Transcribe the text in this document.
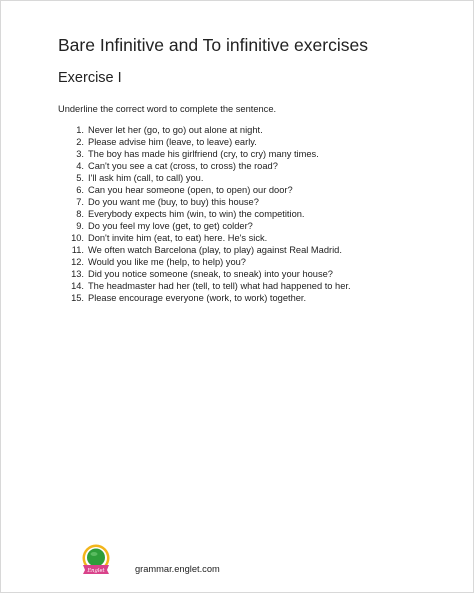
Bare Infinitive and To infinitive exercises
Exercise I
Underline the correct word to complete the sentence.
1. Never let her (go, to go) out alone at night.
2. Please advise him (leave, to leave) early.
3. The boy has made his girlfriend (cry, to cry) many times.
4. Can't you see a cat (cross, to cross) the road?
5. I'll ask him (call, to call) you.
6. Can you hear someone (open, to open) our door?
7. Do you want me (buy, to buy) this house?
8. Everybody expects him (win, to win) the competition.
9. Do you feel my love (get, to get) colder?
10. Don't invite him (eat, to eat) here. He's sick.
11. We often watch Barcelona (play, to play) against Real Madrid.
12. Would you like me (help, to help) you?
13. Did you notice someone (sneak, to sneak) into your house?
14. The headmaster had her (tell, to tell) what had happened to her.
15. Please encourage everyone (work, to work) together.
Englet	grammar.englet.com
